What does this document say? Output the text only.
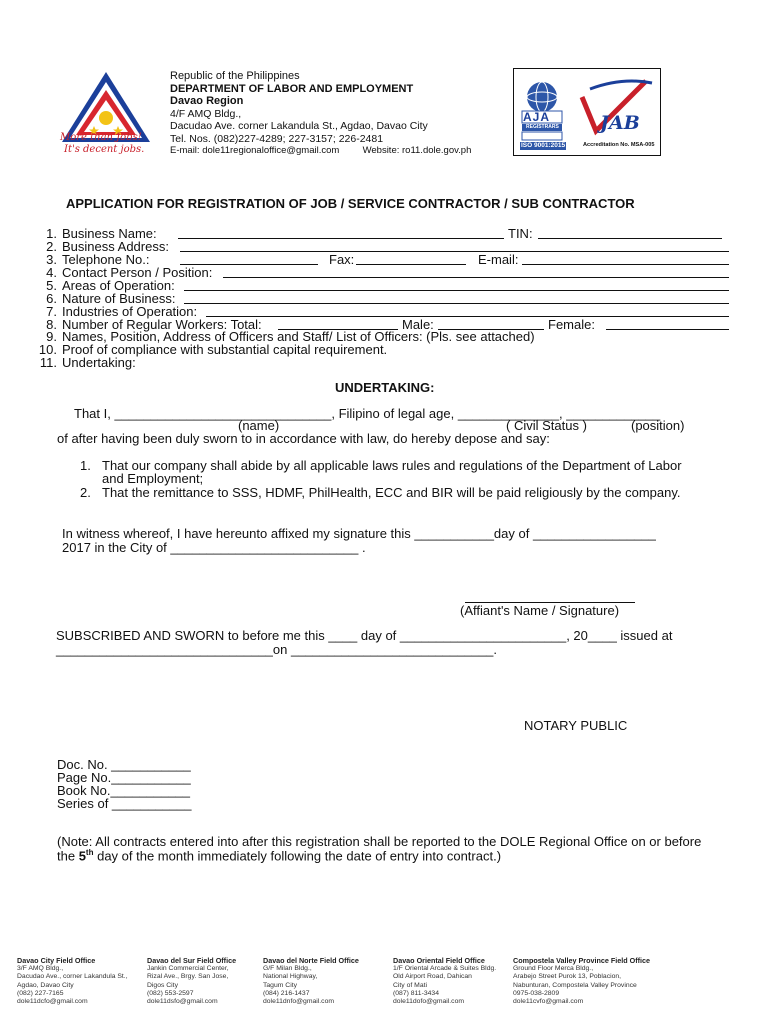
More than Jobs!
It's decent jobs.
Republic of the Philippines
DEPARTMENT OF LABOR AND EMPLOYMENT
Davao Region
4/F AMQ Bldg.,
Dacudao Ave. corner Lakandula St., Agdao, Davao City
Tel. Nos. (082)227-4289; 227-3157; 226-2481
E-mail: dole11regionaloffice@gmail.com Website: ro11.dole.gov.ph
AJA
REGISTRARS
ISO 9001:2015
JAB
Accreditation No. MSA-005
APPLICATION FOR REGISTRATION OF JOB / SERVICE CONTRACTOR / SUB CONTRACTOR
1. Business Name:	TIN:
2. Business Address:
3. Telephone No.:	Fax:	E-mail:
4. Contact Person / Position:
5. Areas of Operation:
6. Nature of Business:
7. Industries of Operation:
8. Number of Regular Workers: Total:	Male:	Female:
9. Names, Position, Address of Officers and Staff/ List of Officers: (Pls. see attached)
10. Proof of compliance with substantial capital requirement.
11. Undertaking:
UNDERTAKING:
That I, ______________________________, Filipino of legal age, ______________, _____________
(name)	( Civil Status )	(position)
of after having been duly sworn to in accordance with law, do hereby depose and say:
1. That our company shall abide by all applicable laws rules and regulations of the Department of Labor
and Employment;
2. That the remittance to SSS, HDMF, PhilHealth, ECC and BIR will be paid religiously by the company.
In witness whereof, I have hereunto affixed my signature this ___________day of _________________
2017 in the City of __________________________ .
(Affiant's Name / Signature)
SUBSCRIBED AND SWORN to before me this ____ day of _______________________, 20____ issued at
______________________________on ____________________________.
NOTARY PUBLIC
Doc. No. ___________
Page No.___________
Book No.___________
Series of ___________
(Note: All contracts entered into after this registration shall be reported to the DOLE Regional Office on or before
the 5th day of the month immediately following the date of entry into contract.)
Davao City Field Office
3/F AMQ Bldg.,
Dacudao Ave., corner Lakandula St.,
Agdao, Davao City
(082) 227-7165
dole11dcfo@gmail.com
Davao del Sur Field Office
Jankin Commercial Center,
Rizal Ave., Brgy. San Jose,
Digos City
(082) 553-2597
dole11dsfo@gmail.com
Davao del Norte Field Office
G/F Milan Bldg.,
National Highway,
Tagum City
(084) 216-1437
dole11dnfo@gmail.com
Davao Oriental Field Office
1/F Oriental Arcade & Suites Bldg.
Old Airport Road, Dahican
City of Mati
(087) 811-3434
dole11dofo@gmail.com
Compostela Valley Province Field Office
Ground Floor Merca Bldg.,
Arabejo Street Purok 13, Poblacion,
Nabunturan, Compostela Valley Province
0975-038-2809
dole11cvfo@gmail.com
